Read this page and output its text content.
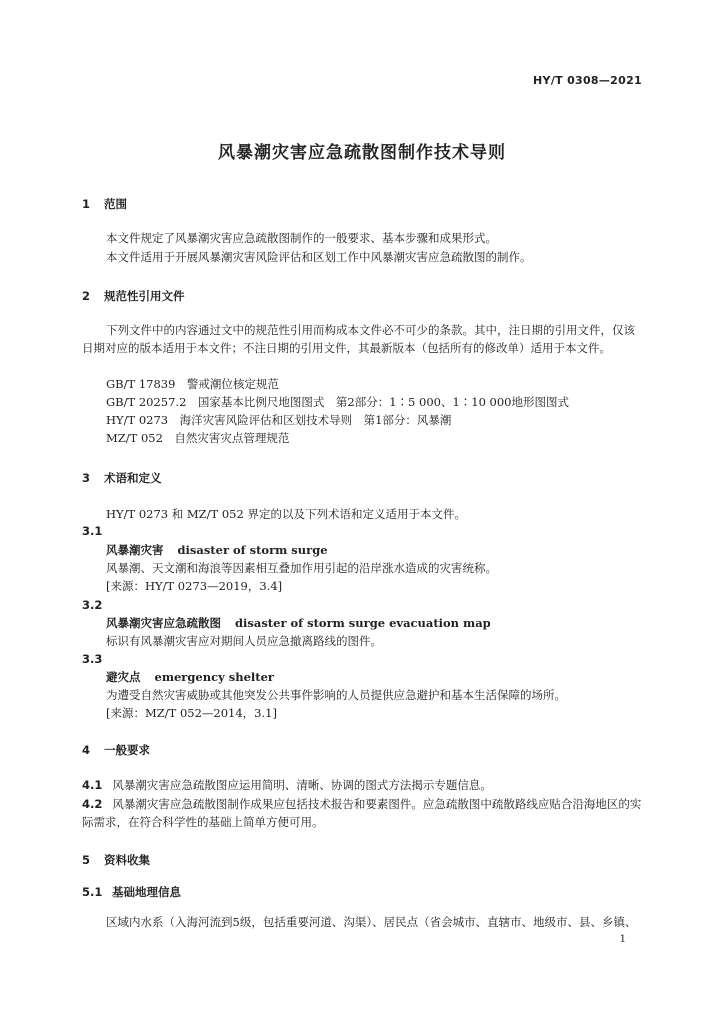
HY/T 0308—2021
风暴潮灾害应急疏散图制作技术导则
1 范围
本文件规定了风暴潮灾害应急疏散图制作的一般要求、基本步骤和成果形式。
本文件适用于开展风暴潮灾害风险评估和区划工作中风暴潮灾害应急疏散图的制作。
2 规范性引用文件
下列文件中的内容通过文中的规范性引用而构成本文件必不可少的条款。其中，注日期的引用文件，仅该日期对应的版本适用于本文件；不注日期的引用文件，其最新版本（包括所有的修改单）适用于本文件。
GB/T 17839　警戒潮位核定规范
GB/T 20257.2　国家基本比例尺地图图式　第2部分：1∶5 000、1∶10 000地形图图式
HY/T 0273　海洋灾害风险评估和区划技术导则　第1部分：风暴潮
MZ/T 052　自然灾害灾点管理规范
3 术语和定义
HY/T 0273 和 MZ/T 052 界定的以及下列术语和定义适用于本文件。
3.1
风暴潮灾害 disaster of storm surge
风暴潮、天文潮和海浪等因素相互叠加作用引起的沿岸涨水造成的灾害统称。
[来源：HY/T 0273—2019，3.4]
3.2
风暴潮灾害应急疏散图 disaster of storm surge evacuation map
标识有风暴潮灾害应对期间人员应急撤离路线的图件。
3.3
避灾点 emergency shelter
为遭受自然灾害威胁或其他突发公共事件影响的人员提供应急避护和基本生活保障的场所。
[来源：MZ/T 052—2014，3.1]
4 一般要求
4.1 风暴潮灾害应急疏散图应运用简明、清晰、协调的图式方法揭示专题信息。
4.2 风暴潮灾害应急疏散图制作成果应包括技术报告和要素图件。应急疏散图中疏散路线应贴合沿海地区的实际需求，在符合科学性的基础上简单方便可用。
5 资料收集
5.1 基础地理信息
区域内水系（入海河流到5级，包括重要河道、沟渠）、居民点（省会城市、直辖市、地级市、县、乡镇、
1
